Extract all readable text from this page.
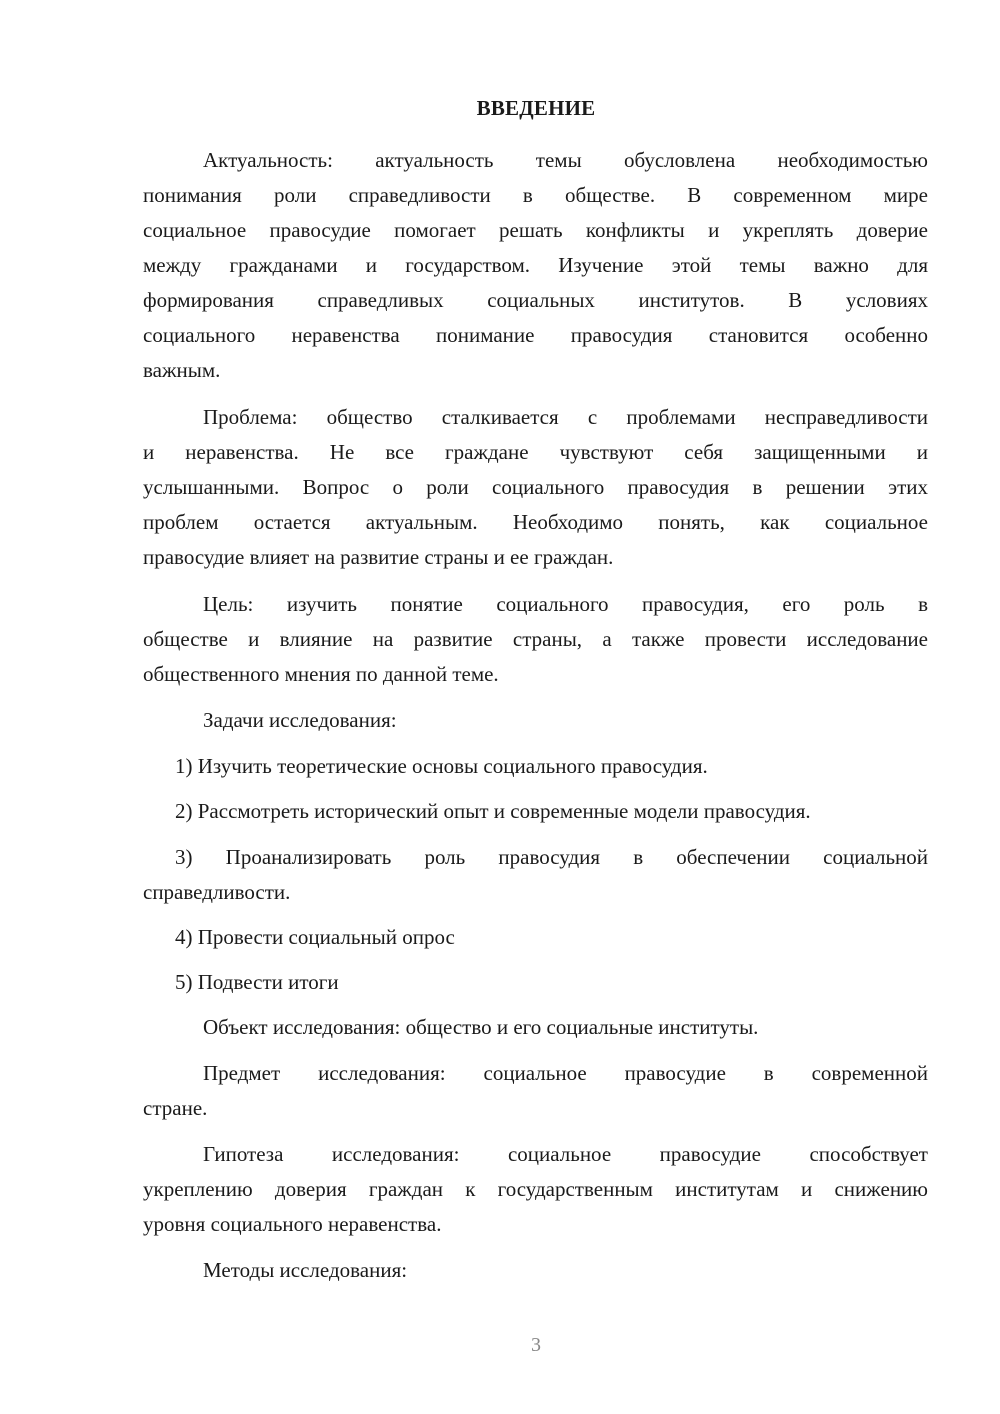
ВВЕДЕНИЕ
Актуальность: актуальность темы обусловлена необходимостью
понимания роли справедливости в обществе. В современном мире
социальное правосудие помогает решать конфликты и укреплять доверие
между гражданами и государством. Изучение этой темы важно для
формирования справедливых социальных институтов. В условиях
социального неравенства понимание правосудия становится особенно
важным.
Проблема: общество сталкивается с проблемами несправедливости
и неравенства. Не все граждане чувствуют себя защищенными и
услышанными. Вопрос о роли социального правосудия в решении этих
проблем остается актуальным. Необходимо понять, как социальное
правосудие влияет на развитие страны и ее граждан.
Цель: изучить понятие социального правосудия, его роль в
обществе и влияние на развитие страны, а также провести исследование
общественного мнения по данной теме.
Задачи исследования:
1) Изучить теоретические основы социального правосудия.
2) Рассмотреть исторический опыт и современные модели правосудия.
3) Проанализировать роль правосудия в обеспечении социальной
справедливости.
4) Провести социальный опрос
5) Подвести итоги
Объект исследования: общество и его социальные институты.
Предмет исследования: социальное правосудие в современной
стране.
Гипотеза исследования: социальное правосудие способствует
укреплению доверия граждан к государственным институтам и снижению
уровня социального неравенства.
Методы исследования:
3
